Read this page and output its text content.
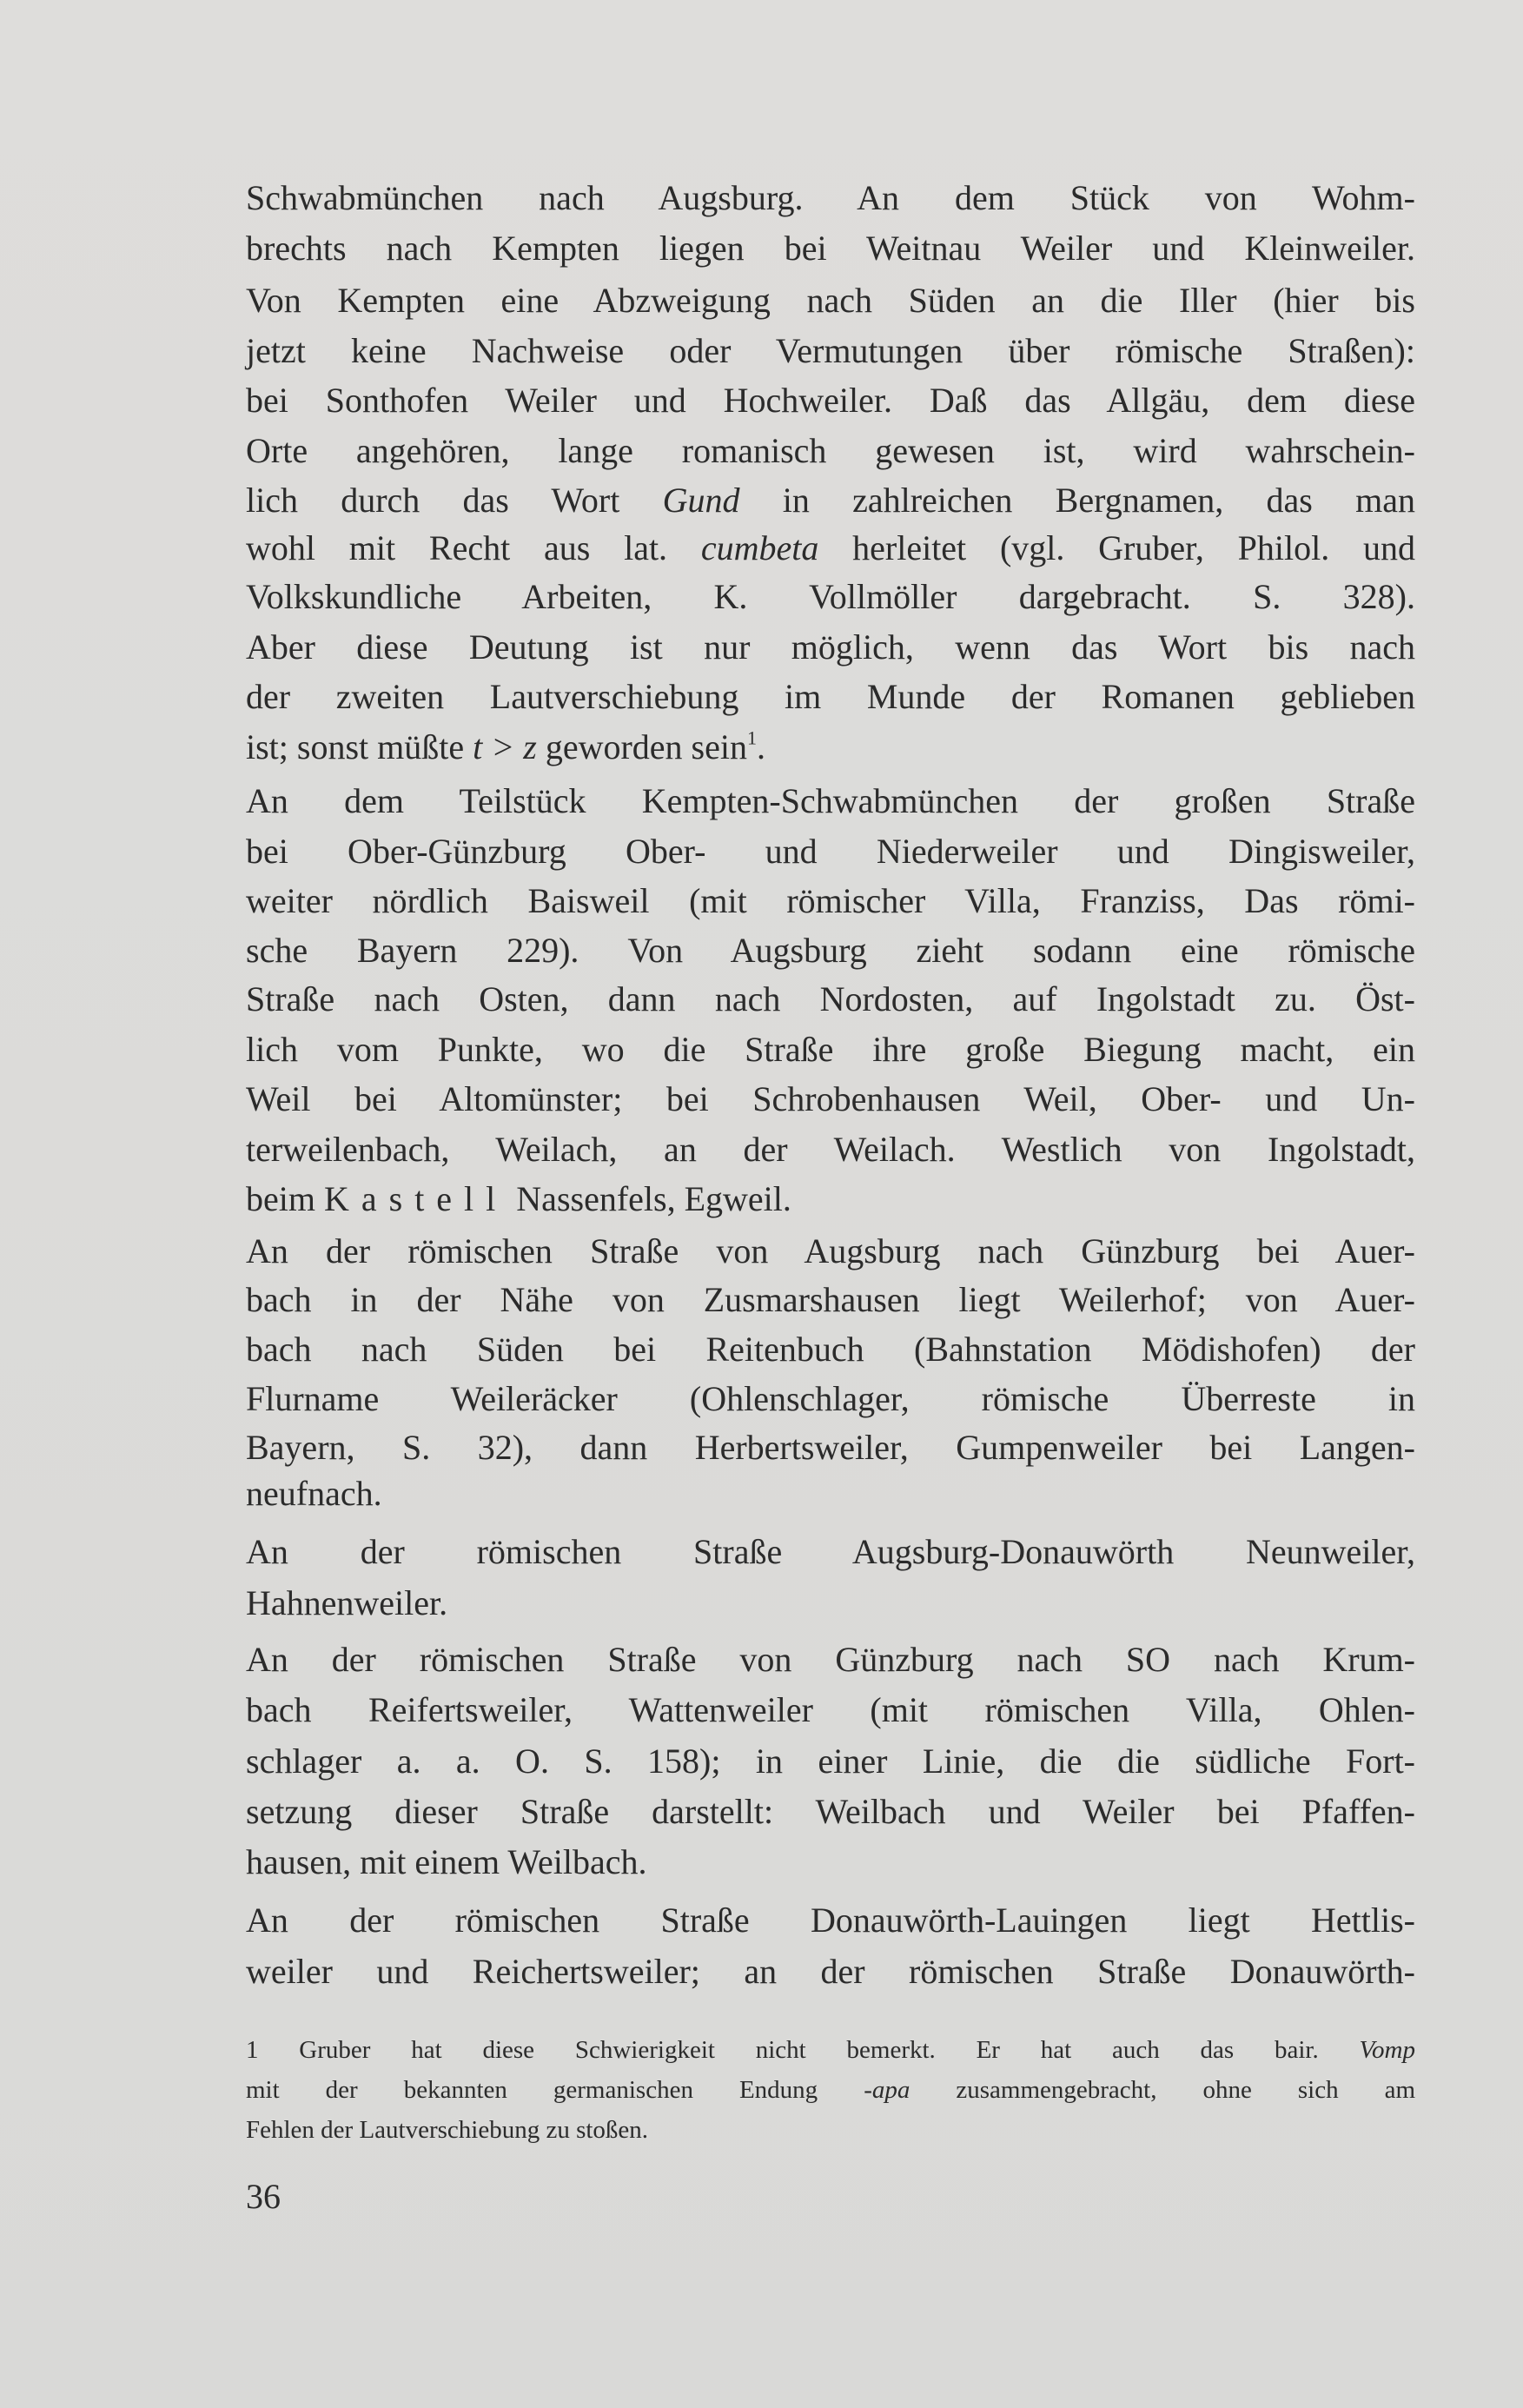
Schwabmünchen nach Augsburg. An dem Stück von Wohm-
brechts nach Kempten liegen bei Weitnau Weiler und Kleinweiler.
Von Kempten eine Abzweigung nach Süden an die Iller (hier bis
jetzt keine Nachweise oder Vermutungen über römische Straßen):
bei Sonthofen Weiler und Hochweiler. Daß das Allgäu, dem diese
Orte angehören, lange romanisch gewesen ist, wird wahrschein-
lich durch das Wort Gund in zahlreichen Bergnamen, das man
wohl mit Recht aus lat. cumbeta herleitet (vgl. Gruber, Philol. und
Volkskundliche Arbeiten, K. Vollmöller dargebracht. S. 328).
Aber diese Deutung ist nur möglich, wenn das Wort bis nach
der zweiten Lautverschiebung im Munde der Romanen geblieben
ist; sonst müßte t > z geworden sein$^1$.
An dem Teilstück Kempten-Schwabmünchen der großen Straße
bei Ober-Günzburg Ober- und Niederweiler und Dingisweiler,
weiter nördlich Baisweil (mit römischer Villa, Franziss, Das römi-
sche Bayern 229). Von Augsburg zieht sodann eine römische
Straße nach Osten, dann nach Nordosten, auf Ingolstadt zu. Öst-
lich vom Punkte, wo die Straße ihre große Biegung macht, ein
Weil bei Altomünster; bei Schrobenhausen Weil, Ober- und Un-
terweilenbach, Weilach, an der Weilach. Westlich von Ingolstadt,
beim Kastell Nassenfels, Egweil.
An der römischen Straße von Augsburg nach Günzburg bei Auer-
bach in der Nähe von Zusmarshausen liegt Weilerhof; von Auer-
bach nach Süden bei Reitenbuch (Bahnstation Mödishofen) der
Flurname Weileräcker (Ohlenschlager, römische Überreste in
Bayern, S. 32), dann Herbertsweiler, Gumpenweiler bei Langen-
neufnach.
An der römischen Straße Augsburg-Donauwörth Neunweiler,
Hahnenweiler.
An der römischen Straße von Günzburg nach SO nach Krum-
bach Reifertsweiler, Wattenweiler (mit römischen Villa, Ohlen-
schlager a. a. O. S. 158); in einer Linie, die die südliche Fort-
setzung dieser Straße darstellt: Weilbach und Weiler bei Pfaffen-
hausen, mit einem Weilbach.
An der römischen Straße Donauwörth-Lauingen liegt Hettlis-
weiler und Reichertsweiler; an der römischen Straße Donauwörth-
1 Gruber hat diese Schwierigkeit nicht bemerkt. Er hat auch das bair. Vomp
mit der bekannten germanischen Endung -apa zusammengebracht, ohne sich am
Fehlen der Lautverschiebung zu stoßen.
36
